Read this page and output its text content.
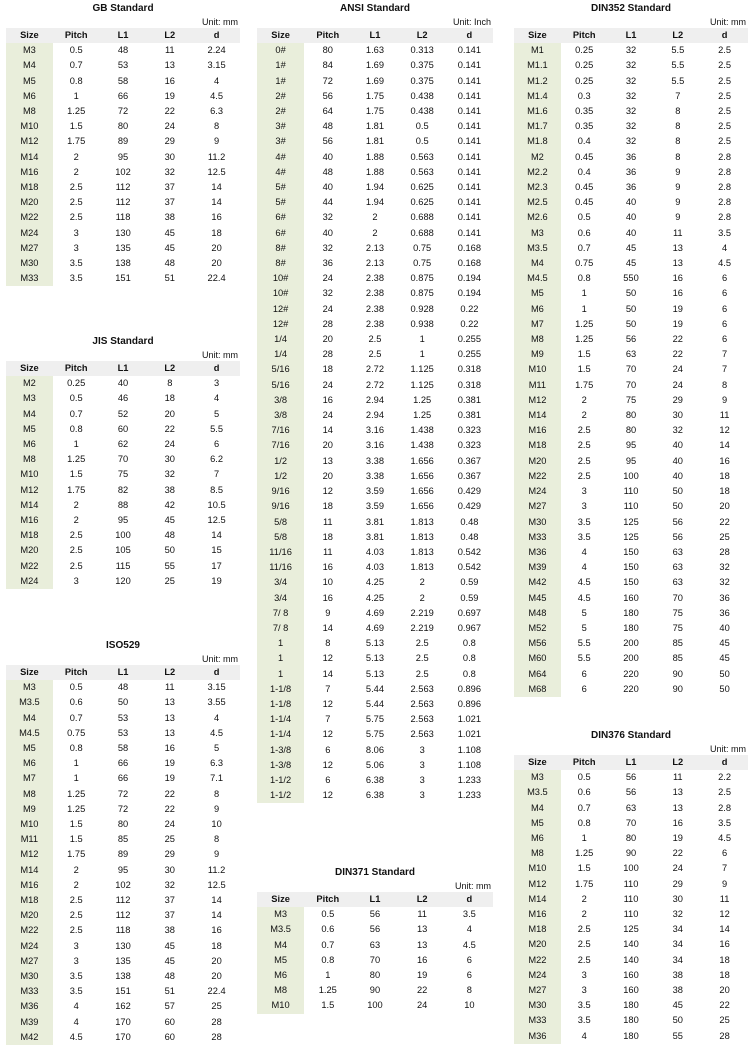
GB Standard
Unit: mm
Size	Pitch	L1	L2	d
M3	0.5	48	11	2.24
M4	0.7	53	13	3.15
M5	0.8	58	16	4
M6	1	66	19	4.5
M8	1.25	72	22	6.3
M10	1.5	80	24	8
M12	1.75	89	29	9
M14	2	95	30	11.2
M16	2	102	32	12.5
M18	2.5	112	37	14
M20	2.5	112	37	14
M22	2.5	118	38	16
M24	3	130	45	18
M27	3	135	45	20
M30	3.5	138	48	20
M33	3.5	151	51	22.4
JIS Standard
Unit: mm
Size	Pitch	L1	L2	d
M2	0.25	40	8	3
M3	0.5	46	18	4
M4	0.7	52	20	5
M5	0.8	60	22	5.5
M6	1	62	24	6
M8	1.25	70	30	6.2
M10	1.5	75	32	7
M12	1.75	82	38	8.5
M14	2	88	42	10.5
M16	2	95	45	12.5
M18	2.5	100	48	14
M20	2.5	105	50	15
M22	2.5	115	55	17
M24	3	120	25	19
ISO529
Unit: mm
Size	Pitch	L1	L2	d
M3	0.5	48	11	3.15
M3.5	0.6	50	13	3.55
M4	0.7	53	13	4
M4.5	0.75	53	13	4.5
M5	0.8	58	16	5
M6	1	66	19	6.3
M7	1	66	19	7.1
M8	1.25	72	22	8
M9	1.25	72	22	9
M10	1.5	80	24	10
M11	1.5	85	25	8
M12	1.75	89	29	9
M14	2	95	30	11.2
M16	2	102	32	12.5
M18	2.5	112	37	14
M20	2.5	112	37	14
M22	2.5	118	38	16
M24	3	130	45	18
M27	3	135	45	20
M30	3.5	138	48	20
M33	3.5	151	51	22.4
M36	4	162	57	25
M39	4	170	60	28
M42	4.5	170	60	28
ANSI Standard
Unit: Inch
Size	Pitch	L1	L2	d
0#	80	1.63	0.313	0.141
1#	84	1.69	0.375	0.141
1#	72	1.69	0.375	0.141
2#	56	1.75	0.438	0.141
2#	64	1.75	0.438	0.141
3#	48	1.81	0.5	0.141
3#	56	1.81	0.5	0.141
4#	40	1.88	0.563	0.141
4#	48	1.88	0.563	0.141
5#	40	1.94	0.625	0.141
5#	44	1.94	0.625	0.141
6#	32	2	0.688	0.141
6#	40	2	0.688	0.141
8#	32	2.13	0.75	0.168
8#	36	2.13	0.75	0.168
10#	24	2.38	0.875	0.194
10#	32	2.38	0.875	0.194
12#	24	2.38	0.928	0.22
12#	28	2.38	0.938	0.22
1/4	20	2.5	1	0.255
1/4	28	2.5	1	0.255
5/16	18	2.72	1.125	0.318
5/16	24	2.72	1.125	0.318
3/8	16	2.94	1.25	0.381
3/8	24	2.94	1.25	0.381
7/16	14	3.16	1.438	0.323
7/16	20	3.16	1.438	0.323
1/2	13	3.38	1.656	0.367
1/2	20	3.38	1.656	0.367
9/16	12	3.59	1.656	0.429
9/16	18	3.59	1.656	0.429
5/8	11	3.81	1.813	0.48
5/8	18	3.81	1.813	0.48
11/16	11	4.03	1.813	0.542
11/16	16	4.03	1.813	0.542
3/4	10	4.25	2	0.59
3/4	16	4.25	2	0.59
7/ 8	9	4.69	2.219	0.697
7/ 8	14	4.69	2.219	0.967
1	8	5.13	2.5	0.8
1	12	5.13	2.5	0.8
1	14	5.13	2.5	0.8
1-1/8	7	5.44	2.563	0.896
1-1/8	12	5.44	2.563	0.896
1-1/4	7	5.75	2.563	1.021
1-1/4	12	5.75	2.563	1.021
1-3/8	6	8.06	3	1.108
1-3/8	12	5.06	3	1.108
1-1/2	6	6.38	3	1.233
1-1/2	12	6.38	3	1.233
DIN371 Standard
Unit: mm
Size	Pitch	L1	L2	d
M3	0.5	56	11	3.5
M3.5	0.6	56	13	4
M4	0.7	63	13	4.5
M5	0.8	70	16	6
M6	1	80	19	6
M8	1.25	90	22	8
M10	1.5	100	24	10
DIN352 Standard
Unit: mm
Size	Pitch	L1	L2	d
M1	0.25	32	5.5	2.5
M1.1	0.25	32	5.5	2.5
M1.2	0.25	32	5.5	2.5
M1.4	0.3	32	7	2.5
M1.6	0.35	32	8	2.5
M1.7	0.35	32	8	2.5
M1.8	0.4	32	8	2.5
M2	0.45	36	8	2.8
M2.2	0.4	36	9	2.8
M2.3	0.45	36	9	2.8
M2.5	0.45	40	9	2.8
M2.6	0.5	40	9	2.8
M3	0.6	40	11	3.5
M3.5	0.7	45	13	4
M4	0.75	45	13	4.5
M4.5	0.8	550	16	6
M5	1	50	16	6
M6	1	50	19	6
M7	1.25	50	19	6
M8	1.25	56	22	6
M9	1.5	63	22	7
M10	1.5	70	24	7
M11	1.75	70	24	8
M12	2	75	29	9
M14	2	80	30	11
M16	2.5	80	32	12
M18	2.5	95	40	14
M20	2.5	95	40	16
M22	2.5	100	40	18
M24	3	110	50	18
M27	3	110	50	20
M30	3.5	125	56	22
M33	3.5	125	56	25
M36	4	150	63	28
M39	4	150	63	32
M42	4.5	150	63	32
M45	4.5	160	70	36
M48	5	180	75	36
M52	5	180	75	40
M56	5.5	200	85	45
M60	5.5	200	85	45
M64	6	220	90	50
M68	6	220	90	50
DIN376 Standard
Unit: mm
Size	Pitch	L1	L2	d
M3	0.5	56	11	2.2
M3.5	0.6	56	13	2.5
M4	0.7	63	13	2.8
M5	0.8	70	16	3.5
M6	1	80	19	4.5
M8	1.25	90	22	6
M10	1.5	100	24	7
M12	1.75	110	29	9
M14	2	110	30	11
M16	2	110	32	12
M18	2.5	125	34	14
M20	2.5	140	34	16
M22	2.5	140	34	18
M24	3	160	38	18
M27	3	160	38	20
M30	3.5	180	45	22
M33	3.5	180	50	25
M36	4	180	55	28
